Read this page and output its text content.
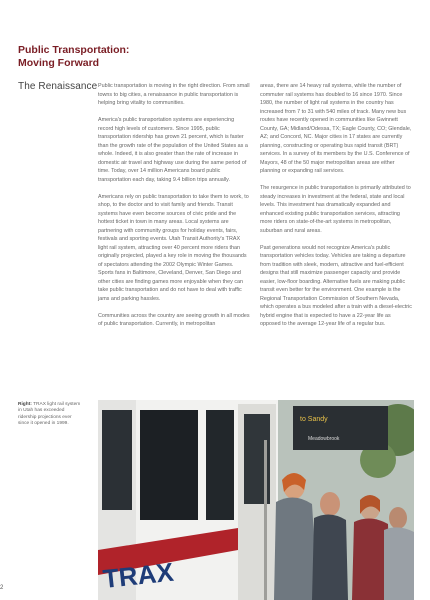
Public Transportation:
Moving Forward
The Renaissance Public transportation is moving in the right direction. From small towns to big cities, a renaissance in public transportation is helping bring vitality to communities.

America's public transportation systems are experiencing record high levels of customers. Since 1995, public transportation ridership has grown 21 percent, which is faster than the growth rate of the population of the United States as a whole. Indeed, it is also greater than the rate of increase in domestic air travel and highway use during the same period of time. Today, over 14 million Americans board public transportation each day, taking 9.4 billion trips annually.

Americans rely on public transportation to take them to work, to shop, to the doctor and to visit family and friends. Transit systems have even become sources of civic pride and the hottest ticket in town in many areas. Local systems are partnering with community groups for holiday events, fairs, festivals and sporting events. Utah Transit Authority's TRAX light rail system, attracting over 40 percent more riders than originally projected, played a key role in moving the thousands of spectators attending the 2002 Olympic Winter Games. Sports fans in Baltimore, Cleveland, Denver, San Diego and other cities are finding games more enjoyable when they can take public transportation and do not have to deal with traffic jams and parking hassles.

Communities across the country are seeing growth in all modes of public transportation. Currently, in metropolitan

areas, there are 14 heavy rail systems, while the number of commuter rail systems has doubled to 16 since 1970. Since 1980, the number of light rail systems in the country has increased from 7 to 31 with 540 miles of track. Many new bus routes have recently opened in communities like Gwinnett County, GA; Midland/Odessa, TX; Eagle County, CO; Glendale, AZ; and Concord, NC. Major cities in 17 states are currently planning, constructing or operating bus rapid transit (BRT) services. In a survey of its members by the U.S. Conference of Mayors, 48 of the 50 major metropolitan areas are either planning or expanding rail services.

The resurgence in public transportation is primarily attributed to steady increases in investment at the federal, state and local levels. This investment has dramatically expanded and enhanced existing public transportation services, attracting more riders on state-of-the-art systems in metropolitan, suburban and rural areas.

Past generations would not recognize America's public transportation vehicles today. Vehicles are taking a departure from tradition with sleek, modern, attractive and fuel-efficient designs that still maximize passenger capacity and provide easier, low-floor boarding. Alternative fuels are making public transit even better for the environment. One example is the Regional Transportation Commission of Southern Nevada, which operates a bus modeled after a train with a diesel-electric hybrid engine that is expected to have a 22-year life as opposed to the average 12-year life of a regular bus.

Right: TRAX light rail system in Utah has exceeded ridership projections ever since it opened in 1999.
to Sandy
Meadowbrook
TRAX
2
